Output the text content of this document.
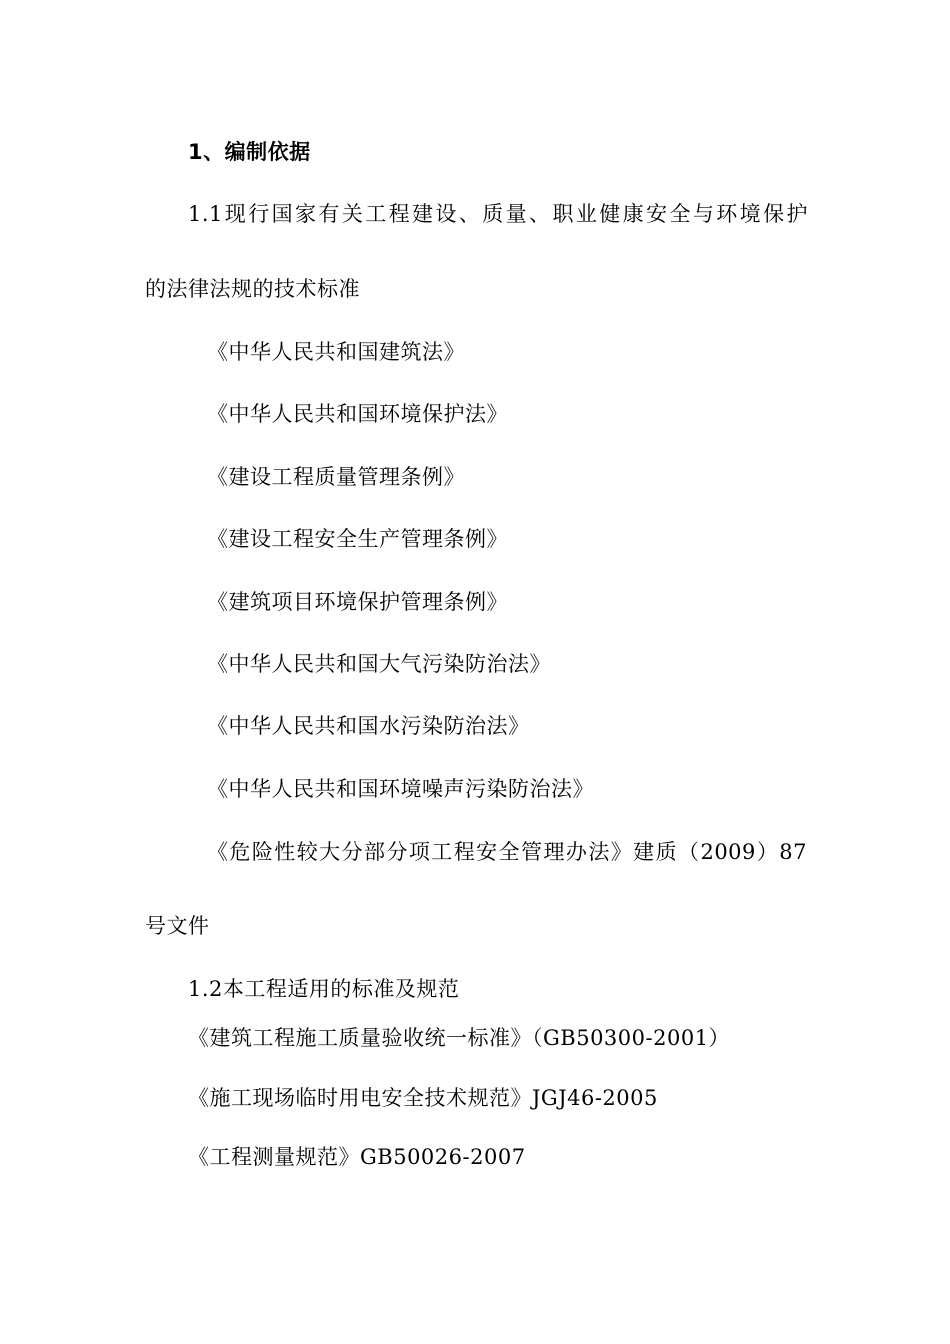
1、编制依据
1.1现行国家有关工程建设、质量、职业健康安全与环境保护
的法律法规的技术标准
《中华人民共和国建筑法》
《中华人民共和国环境保护法》
《建设工程质量管理条例》
《建设工程安全生产管理条例》
《建筑项目环境保护管理条例》
《中华人民共和国大气污染防治法》
《中华人民共和国水污染防治法》
《中华人民共和国环境噪声污染防治法》
《危险性较大分部分项工程安全管理办法》建质（2009）87
号文件
1.2本工程适用的标准及规范
《建筑工程施工质量验收统一标准》（GB50300-2001）
《施工现场临时用电安全技术规范》JGJ46-2005
《工程测量规范》GB50026-2007
